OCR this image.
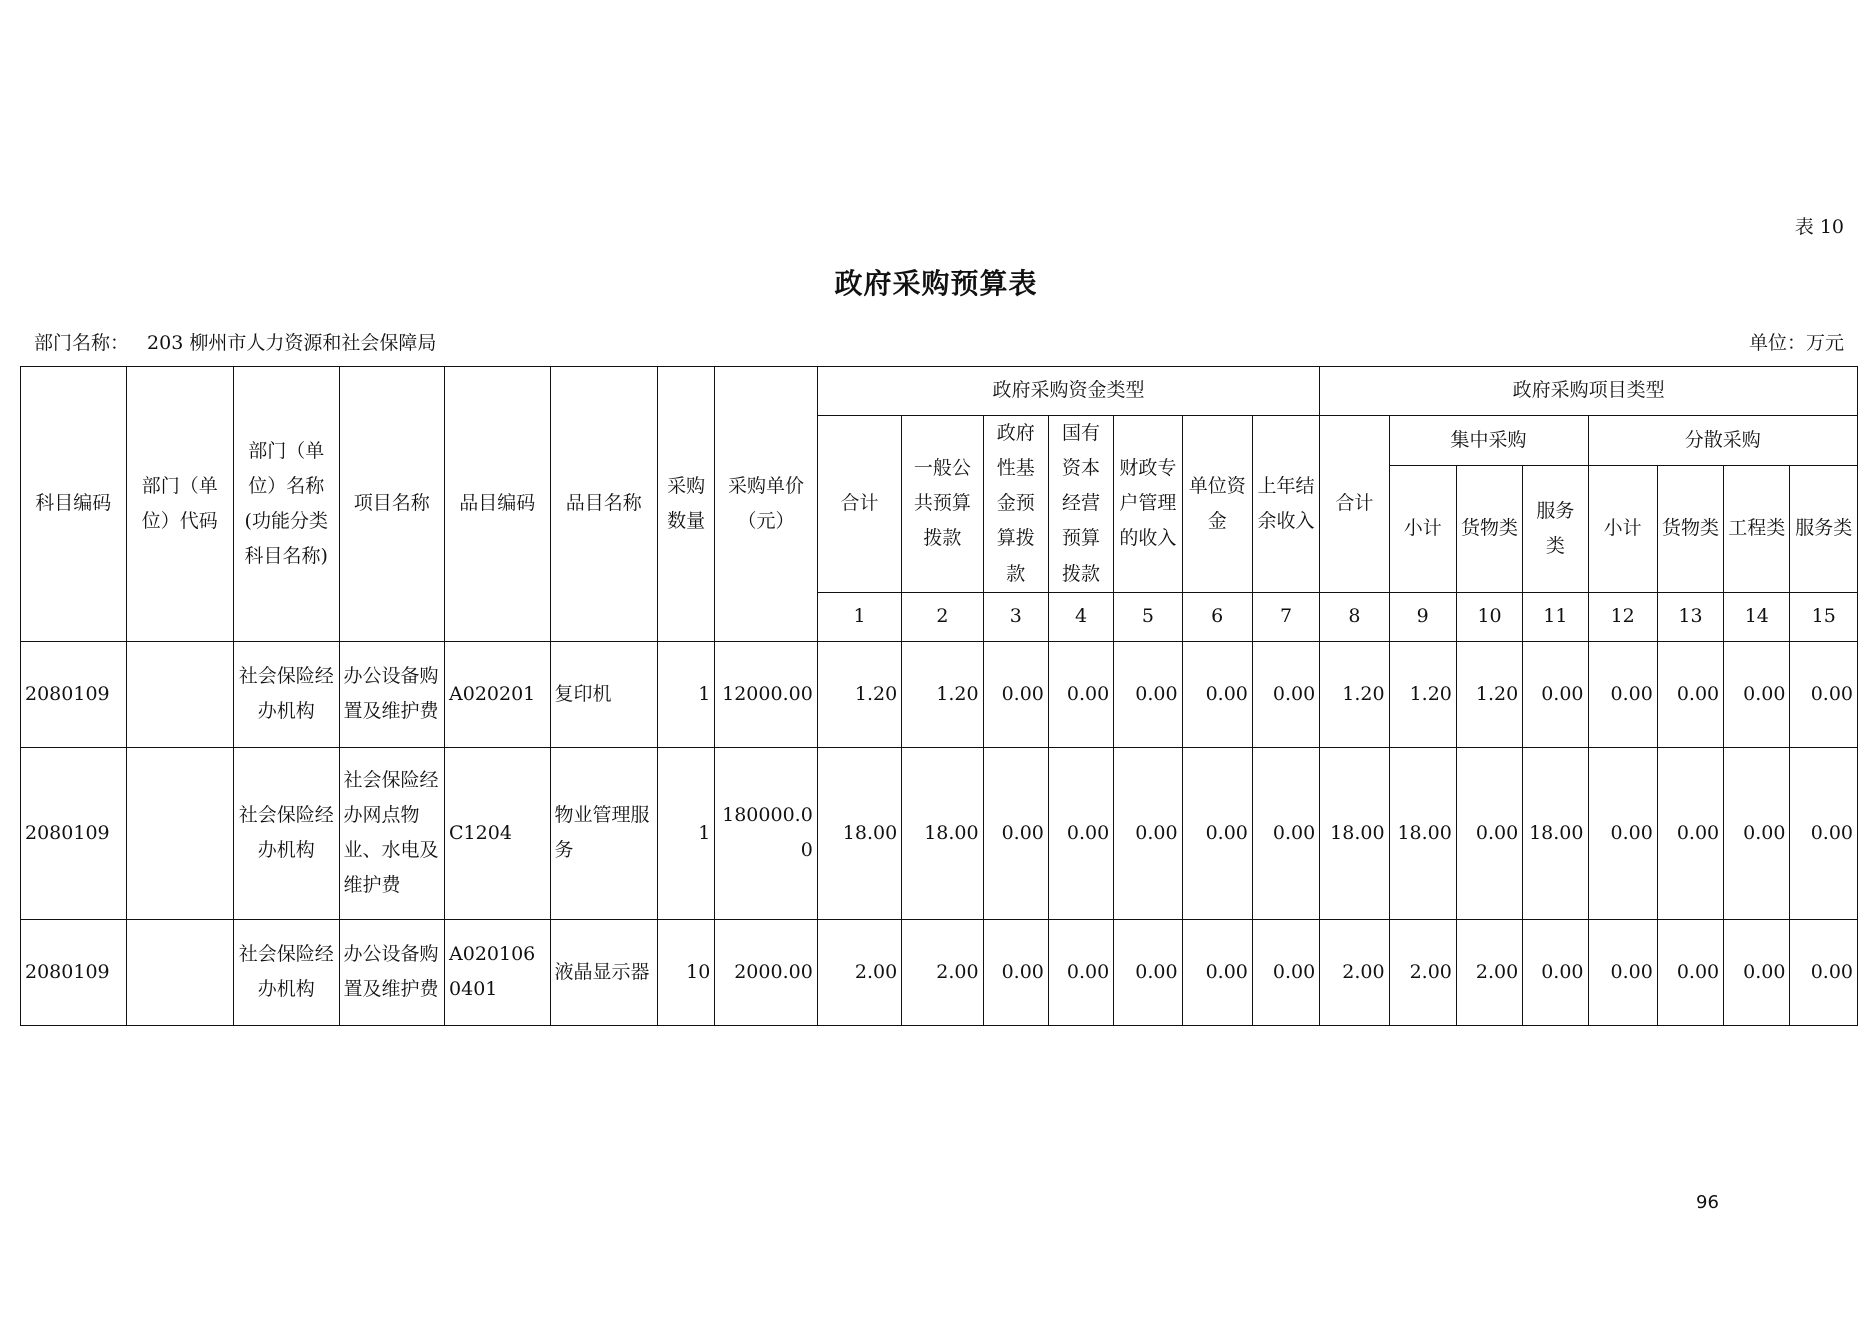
表 10
政府采购预算表
部门名称： 203 柳州市人力资源和社会保障局	单位：万元
科目编码	部门（单位）代码	部门（单位）名称(功能分类科目名称)	项目名称	品目编码	品目名称	采购数量	采购单价（元）	政府采购资金类型							政府采购项目类型							
								合计	一般公共预算拨款	政府性基金预算拨款	国有资本经营预算拨款	财政专户管理的收入	单位资金	上年结余收入	合计	集中采购			分散采购			
																小计	货物类	服务类	小计	货物类	工程类	服务类
								1	2	3	4	5	6	7	8	9	10	11	12	13	14	15
2080109		社会保险经办机构	办公设备购置及维护费	A020201	复印机	1	12000.00	1.20	1.20	0.00	0.00	0.00	0.00	0.00	1.20	1.20	1.20	0.00	0.00	0.00	0.00	0.00
2080109		社会保险经办机构	社会保险经办网点物业、水电及维护费	C1204	物业管理服务	1	180000.00	18.00	18.00	0.00	0.00	0.00	0.00	0.00	18.00	18.00	0.00	18.00	0.00	0.00	0.00	0.00
2080109		社会保险经办机构	办公设备购置及维护费	A0201060401	液晶显示器	10	2000.00	2.00	2.00	0.00	0.00	0.00	0.00	0.00	2.00	2.00	2.00	0.00	0.00	0.00	0.00	0.00
96
